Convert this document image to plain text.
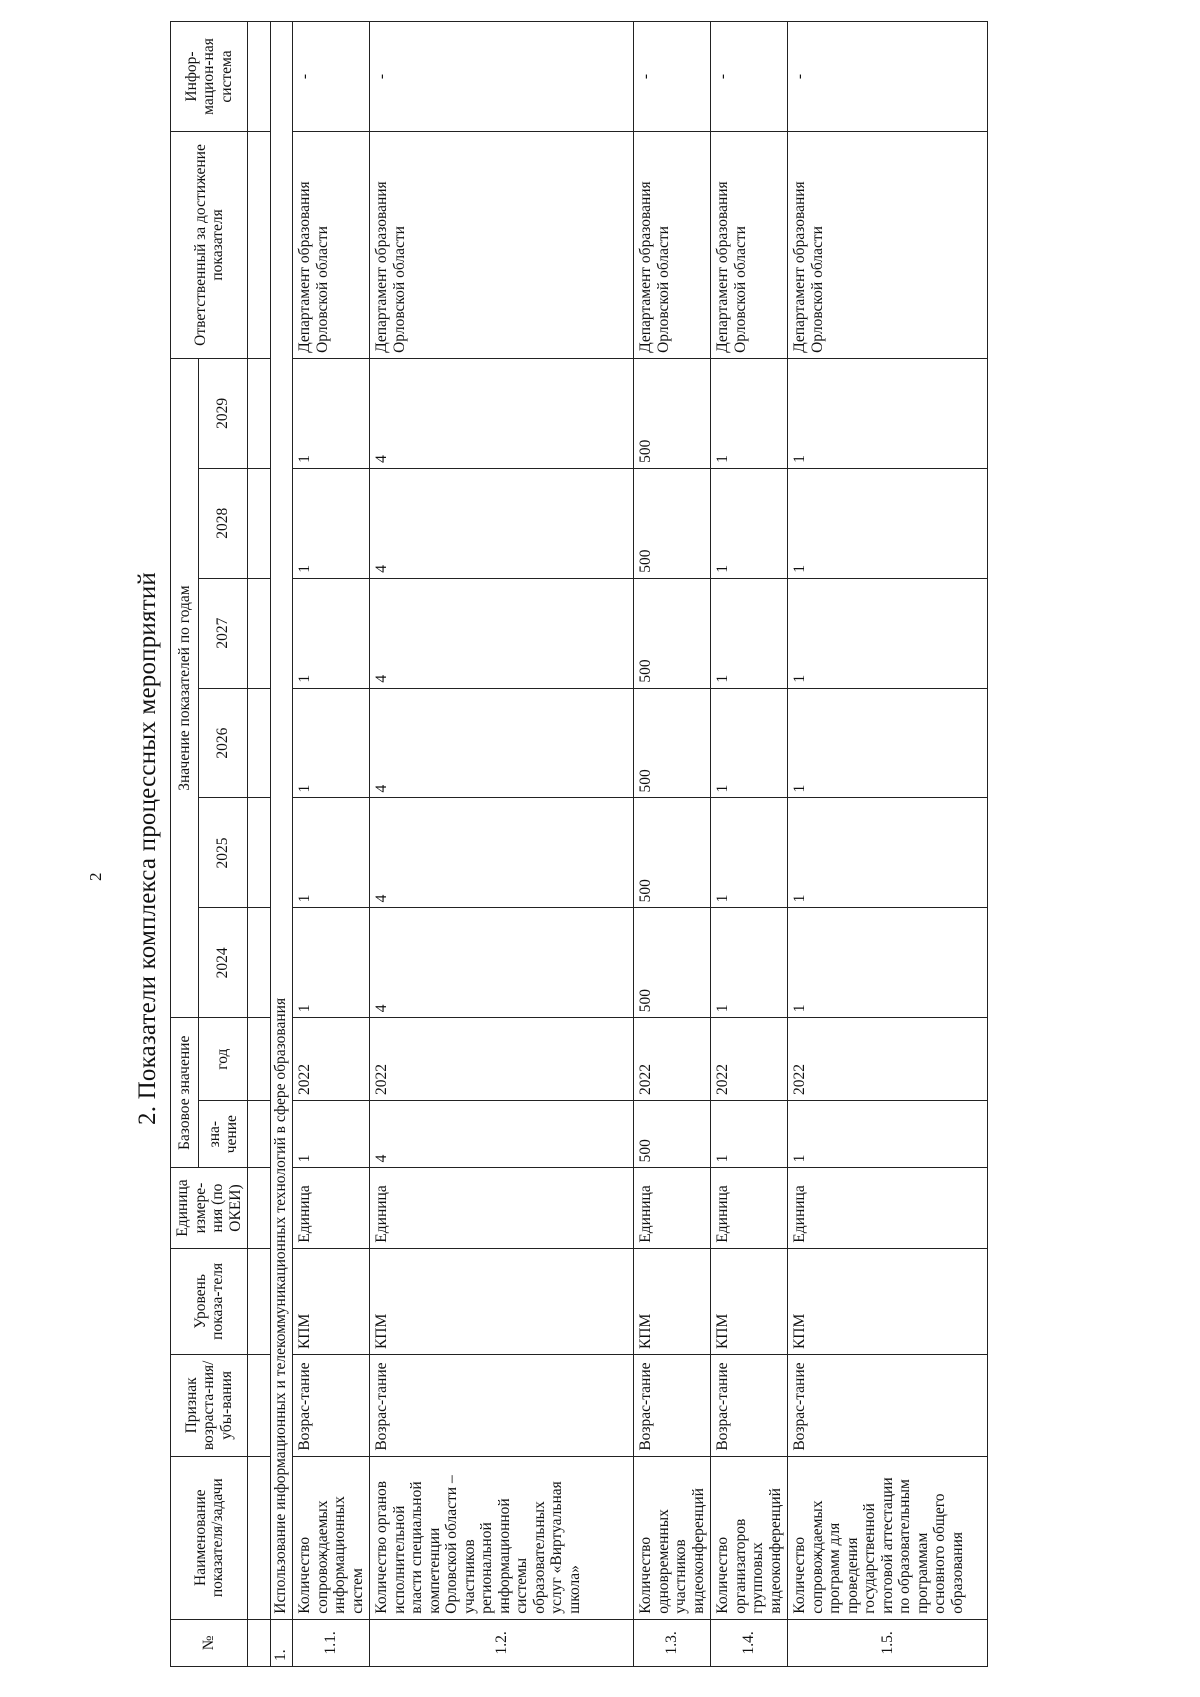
2 2. Показатели комплекса процессных мероприятий
№	Наименование показателя/задачи	Признак возраста-ния/убы-вания	Уровень показа-теля	Единица измере-ния (по ОКЕИ)	Базовое значение		Значение показателей по годам						Ответственный за достижение показателя	Инфор-мацион-ная система
					зна-чение	год	2024	2025	2026	2027	2028	2029		

1.	Использование информационных и телекоммуникационных технологий в сфере образования													
1.1.	Количество сопровождаемых информационных систем	Возрас-тание	КПМ	Единица	1	2022	1	1	1	1	1	1	Департамент образования Орловской области	-
1.2.	Количество органов исполнительной власти специальной компетенции Орловской области – участников региональной информационной системы образовательных услуг «Виртуальная школа»	Возрас-тание	КПМ	Единица	4	2022	4	4	4	4	4	4	Департамент образования Орловской области	-
1.3.	Количество одновременных участников видеоконференций	Возрас-тание	КПМ	Единица	500	2022	500	500	500	500	500	500	Департамент образования Орловской области	-
1.4.	Количество организаторов групповых видеоконференций	Возрас-тание	КПМ	Единица	1	2022	1	1	1	1	1	1	Департамент образования Орловской области	-
1.5.	Количество сопровождаемых программ для проведения государственной итоговой аттестации по образовательным программам основного общего образования	Возрас-тание	КПМ	Единица	1	2022	1	1	1	1	1	1	Департамент образования Орловской области	-
